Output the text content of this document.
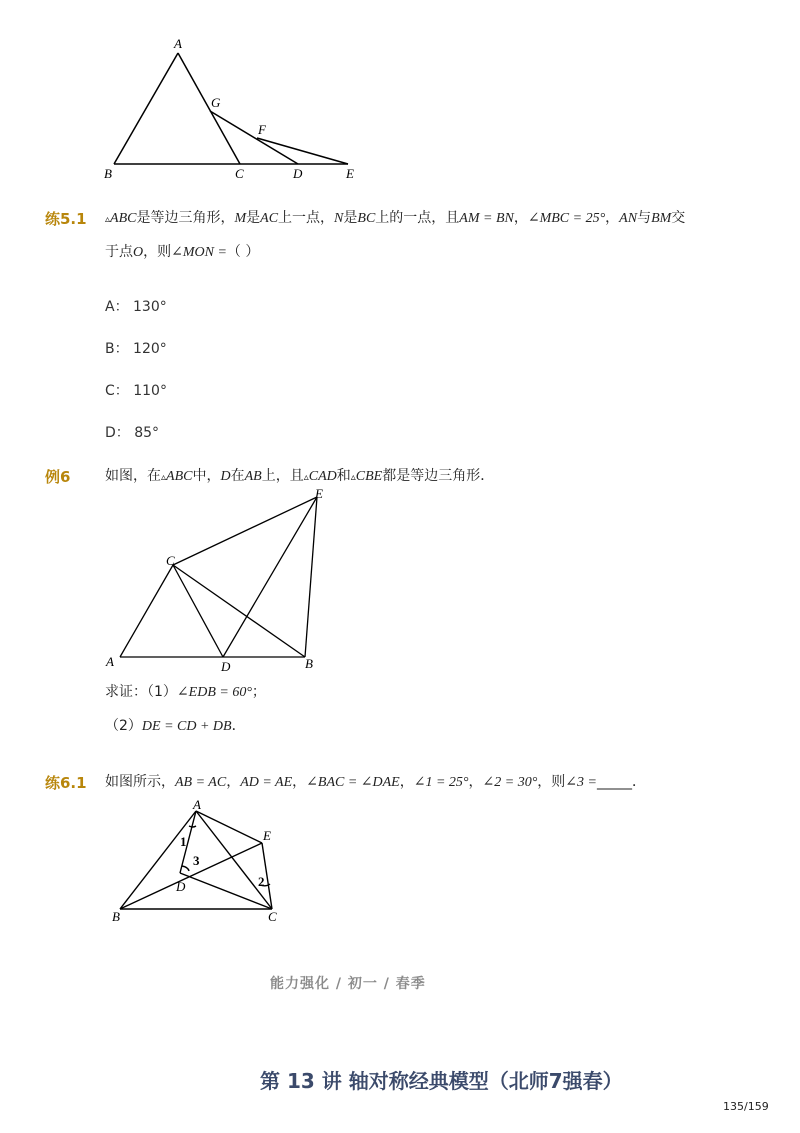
A
G
F
B	C	D	E
练5.1 ▵ABC是等边三角形，M是AC上一点，N是BC上的一点，且AM = BN，∠MBC = 25°，AN与BM交
于点O，则∠MON =（ ）
A： 130°
B： 120°
C： 110°
D： 85°
例6 如图，在▵ABC中，D在AB上，且▵CAD和▵CBE都是等边三角形．
E
C
A	D	B
求证：（1）∠EDB = 60°；
（2）DE = CD + DB．
练6.1 如图所示，AB = AC，AD = AE，∠BAC = ∠DAE，∠1 = 25°，∠2 = 30°，则∠3 =_____．
A
E
D
B	C
1
3
2
能力强化 / 初一 / 春季
第 13 讲 轴对称经典模型（北师7强春）
135/159
